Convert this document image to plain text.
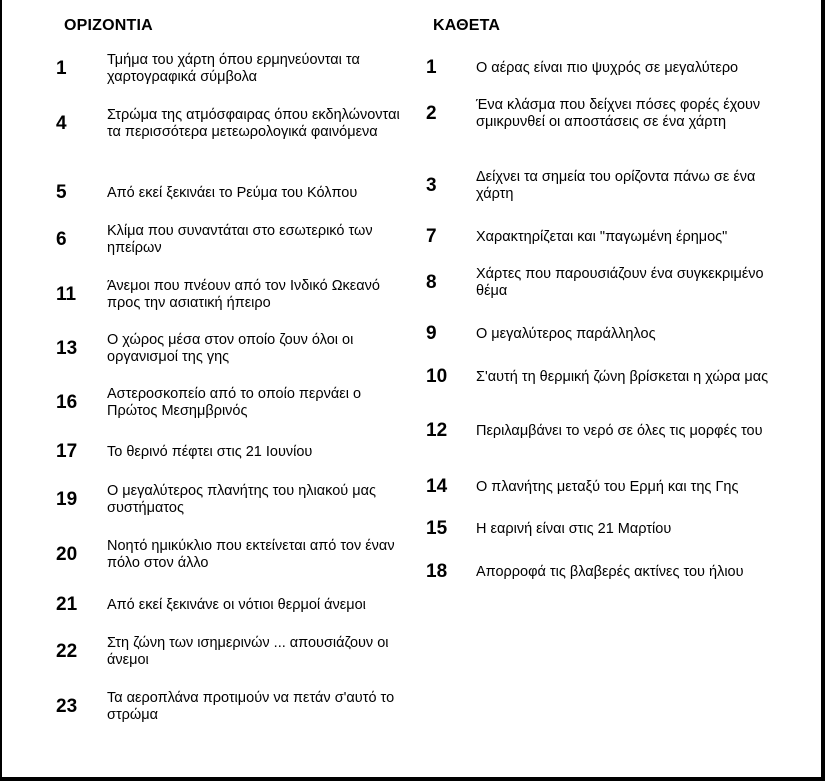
ΟΡΙΖΟΝΤΙΑ	ΚΑΘΕΤΑ
1	Τμήμα του χάρτη όπου ερμηνεύονται τα χαρτογραφικά σύμβολα
4	Στρώμα της ατμόσφαιρας όπου εκδηλώνονται τα περισσότερα μετεωρολογικά φαινόμενα
5	Από εκεί ξεκινάει το Ρεύμα του Κόλπου
6	Κλίμα που συναντάται στο εσωτερικό των ηπείρων
11	Άνεμοι που πνέουν από τον Ινδικό Ωκεανό προς την ασιατική ήπειρο
13	Ο χώρος μέσα στον οποίο ζουν όλοι οι οργανισμοί της γης
16	Αστεροσκοπείο από το οποίο περνάει ο Πρώτος Μεσημβρινός
17	Το θερινό πέφτει στις 21 Ιουνίου
19	Ο μεγαλύτερος πλανήτης του ηλιακού μας συστήματος
20	Νοητό ημικύκλιο που εκτείνεται από τον έναν πόλο στον άλλο
21	Από εκεί ξεκινάνε οι νότιοι θερμοί άνεμοι
22	Στη ζώνη των ισημερινών ... απουσιάζουν οι άνεμοι
23	Τα αεροπλάνα προτιμούν να πετάν σ'αυτό το στρώμα
1	Ο αέρας είναι πιο ψυχρός σε μεγαλύτερο
2	Ένα κλάσμα που δείχνει πόσες φορές έχουν σμικρυνθεί οι αποστάσεις σε ένα χάρτη
3	Δείχνει τα σημεία του ορίζοντα πάνω σε ένα χάρτη
7	Χαρακτηρίζεται και "παγωμένη έρημος"
8	Χάρτες που παρουσιάζουν ένα συγκεκριμένο θέμα
9	Ο μεγαλύτερος παράλληλος
10	Σ'αυτή τη θερμική ζώνη βρίσκεται η χώρα μας
12	Περιλαμβάνει το νερό σε όλες τις μορφές του
14	Ο πλανήτης μεταξύ του Ερμή και της Γης
15	Η εαρινή είναι στις 21 Μαρτίου
18	Απορροφά τις βλαβερές ακτίνες του ήλιου
